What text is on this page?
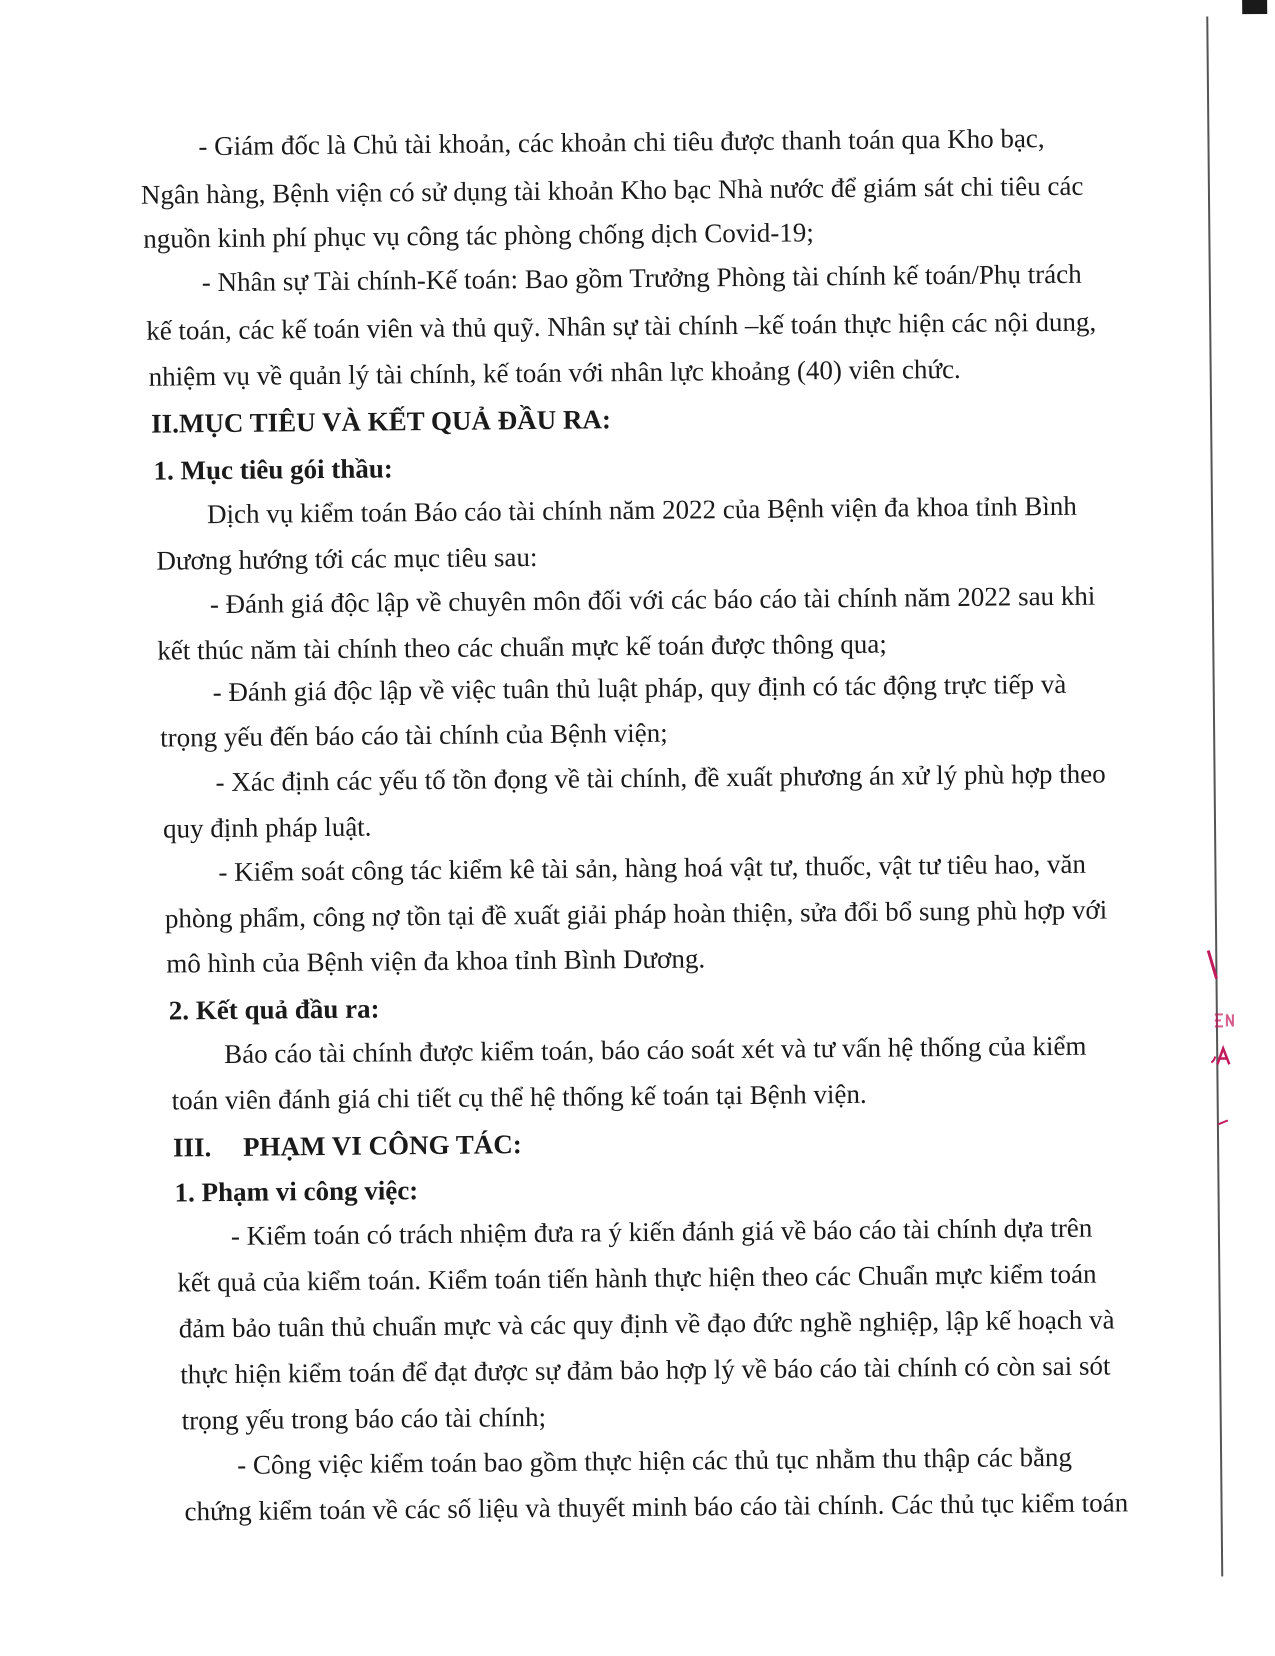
- Giám đốc là Chủ tài khoản, các khoản chi tiêu được thanh toán qua Kho bạc,
Ngân hàng, Bệnh viện có sử dụng tài khoản Kho bạc Nhà nước để giám sát chi tiêu các
nguồn kinh phí phục vụ công tác phòng chống dịch Covid-19;
- Nhân sự Tài chính-Kế toán: Bao gồm Trưởng Phòng tài chính kế toán/Phụ trách
kế toán, các kế toán viên và thủ quỹ. Nhân sự tài chính –kế toán thực hiện các nội dung,
nhiệm vụ về quản lý tài chính, kế toán với nhân lực khoảng (40) viên chức.
II.MỤC TIÊU VÀ KẾT QUẢ ĐẦU RA:
1. Mục tiêu gói thầu:
Dịch vụ kiểm toán Báo cáo tài chính năm 2022 của Bệnh viện đa khoa tỉnh Bình
Dương hướng tới các mục tiêu sau:
- Đánh giá độc lập về chuyên môn đối với các báo cáo tài chính năm 2022 sau khi
kết thúc năm tài chính theo các chuẩn mực kế toán được thông qua;
- Đánh giá độc lập về việc tuân thủ luật pháp, quy định có tác động trực tiếp và
trọng yếu đến báo cáo tài chính của Bệnh viện;
- Xác định các yếu tố tồn đọng về tài chính, đề xuất phương án xử lý phù hợp theo
quy định pháp luật.
- Kiểm soát công tác kiểm kê tài sản, hàng hoá vật tư, thuốc, vật tư tiêu hao, văn
phòng phẩm, công nợ tồn tại đề xuất giải pháp hoàn thiện, sửa đổi bổ sung phù hợp với
mô hình của Bệnh viện đa khoa tỉnh Bình Dương.
2. Kết quả đầu ra:
Báo cáo tài chính được kiểm toán, báo cáo soát xét và tư vấn hệ thống của kiểm
toán viên đánh giá chi tiết cụ thể hệ thống kế toán tại Bệnh viện.
III. PHẠM VI CÔNG TÁC:
1. Phạm vi công việc:
- Kiểm toán có trách nhiệm đưa ra ý kiến đánh giá về báo cáo tài chính dựa trên
kết quả của kiểm toán. Kiểm toán tiến hành thực hiện theo các Chuẩn mực kiểm toán
đảm bảo tuân thủ chuẩn mực và các quy định về đạo đức nghề nghiệp, lập kế hoạch và
thực hiện kiểm toán để đạt được sự đảm bảo hợp lý về báo cáo tài chính có còn sai sót
trọng yếu trong báo cáo tài chính;
- Công việc kiểm toán bao gồm thực hiện các thủ tục nhằm thu thập các bằng
chứng kiểm toán về các số liệu và thuyết minh báo cáo tài chính. Các thủ tục kiểm toán
